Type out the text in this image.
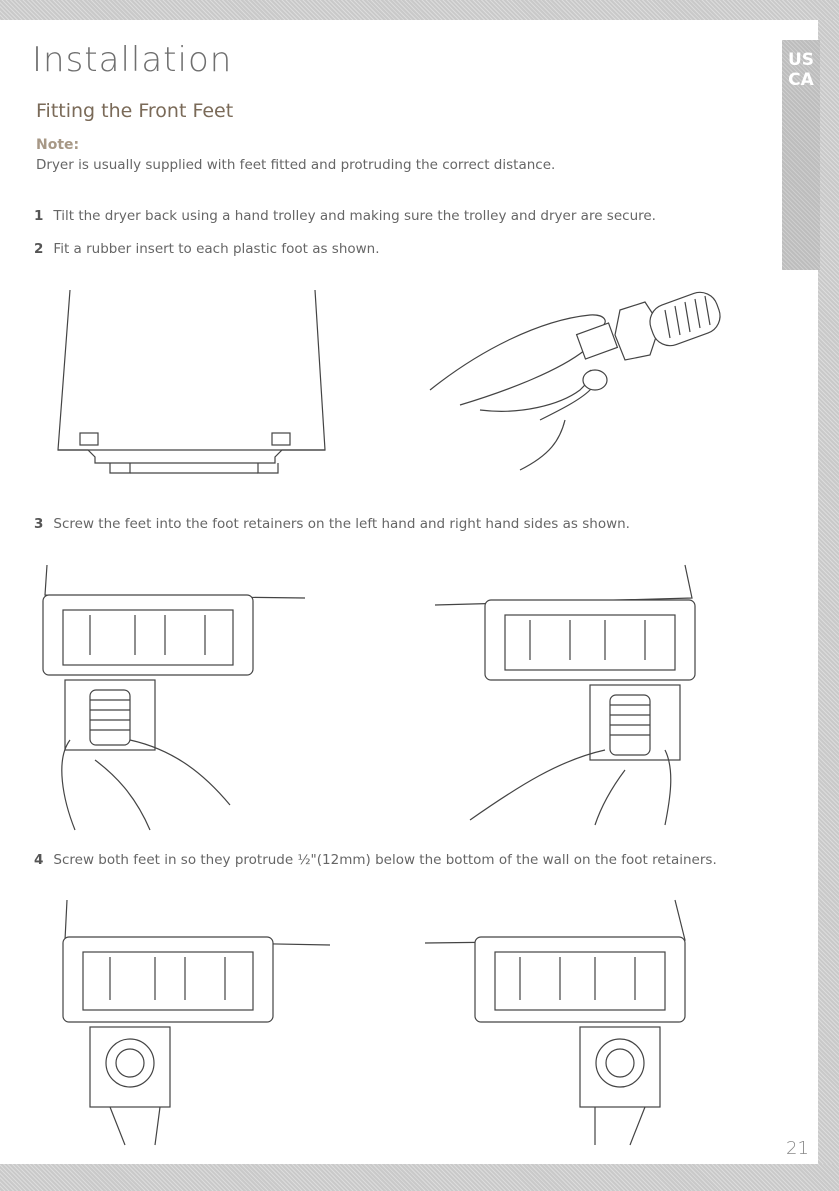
US
CA
Installation
Fitting the Front Feet
Note:
Dryer is usually supplied with feet fitted and protruding the correct distance.
1 Tilt the dryer back using a hand trolley and making sure the trolley and dryer are secure.
2 Fit a rubber insert to each plastic foot as shown.
3 Screw the feet into the foot retainers on the left hand and right hand sides as shown.
4 Screw both feet in so they protrude ½"(12mm) below the bottom of the wall on the foot retainers.
21
